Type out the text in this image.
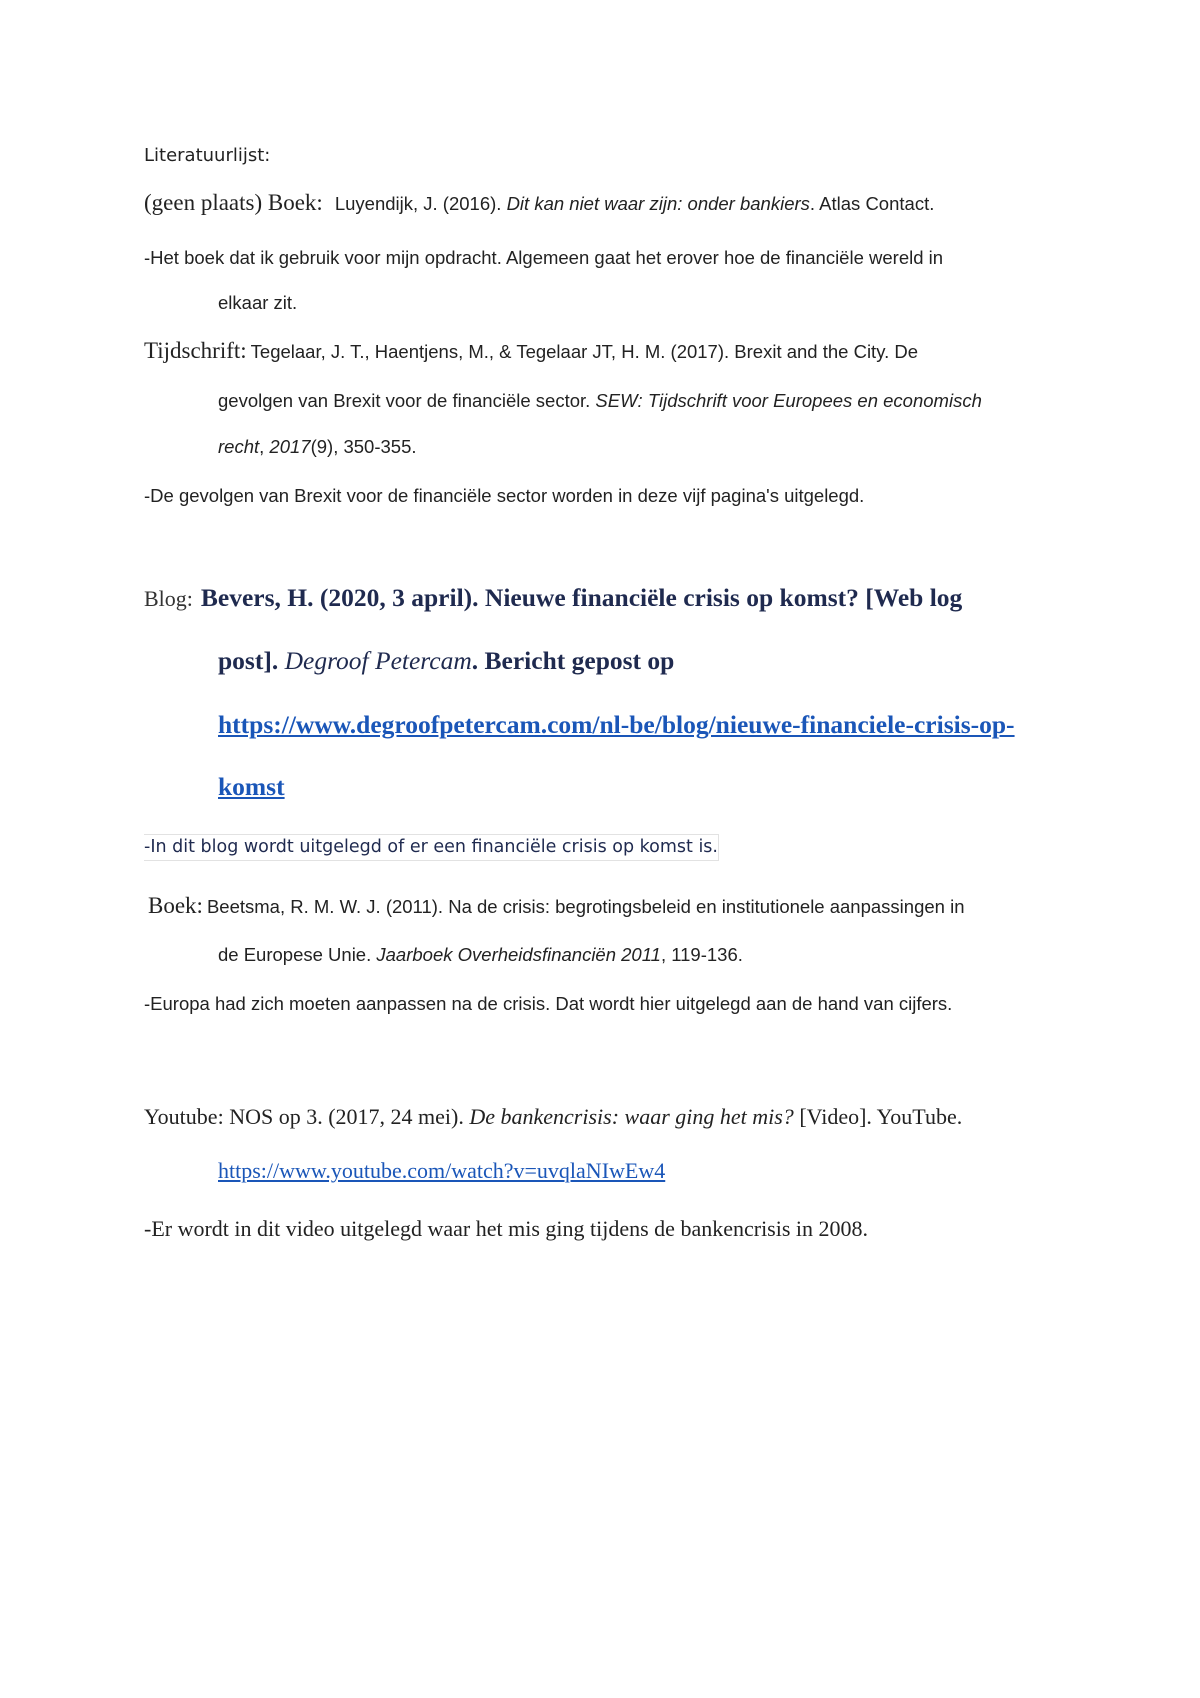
Literatuurlijst:
(geen plaats) Boek: Luyendijk, J. (2016). Dit kan niet waar zijn: onder bankiers. Atlas Contact.
-Het boek dat ik gebruik voor mijn opdracht. Algemeen gaat het erover hoe de financiële wereld in
elkaar zit.
Tijdschrift: Tegelaar, J. T., Haentjens, M., & Tegelaar JT, H. M. (2017). Brexit and the City. De
gevolgen van Brexit voor de financiële sector. SEW: Tijdschrift voor Europees en economisch
recht, 2017(9), 350-355.
-De gevolgen van Brexit voor de financiële sector worden in deze vijf pagina's uitgelegd.
Blog: Bevers, H. (2020, 3 april). Nieuwe financiële crisis op komst? [Web log
post]. Degroof Petercam. Bericht gepost op
https://www.degroofpetercam.com/nl-be/blog/nieuwe-financiele-crisis-op-
komst
-In dit blog wordt uitgelegd of er een financiële crisis op komst is.
Boek: Beetsma, R. M. W. J. (2011). Na de crisis: begrotingsbeleid en institutionele aanpassingen in
de Europese Unie. Jaarboek Overheidsfinanciën 2011, 119-136.
-Europa had zich moeten aanpassen na de crisis. Dat wordt hier uitgelegd aan de hand van cijfers.
Youtube: NOS op 3. (2017, 24 mei). De bankencrisis: waar ging het mis? [Video]. YouTube.
https://www.youtube.com/watch?v=uvqlaNIwEw4
-Er wordt in dit video uitgelegd waar het mis ging tijdens de bankencrisis in 2008.
